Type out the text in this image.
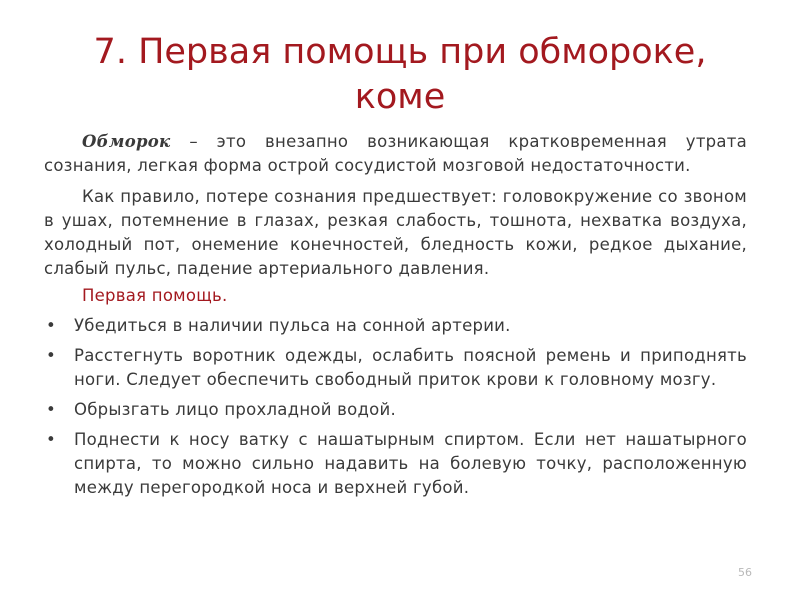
7. Первая помощь при обмороке,
коме

Обморок – это внезапно возникающая кратковременная утрата сознания, легкая форма острой сосудистой мозговой недостаточности.

Как правило, потере сознания предшествует: головокружение со звоном в ушах, потемнение в глазах, резкая слабость, тошнота, нехватка воздуха, холодный пот, онемение конечностей, бледность кожи, редкое дыхание, слабый пульс, падение артериального давления.

Первая помощь.
• Убедиться в наличии пульса на сонной артерии.
• Расстегнуть воротник одежды, ослабить поясной ремень и приподнять ноги. Следует обеспечить свободный приток крови к головному мозгу.
• Обрызгать лицо прохладной водой.
• Поднести к носу ватку с нашатырным спиртом. Если нет нашатырного спирта, то можно сильно надавить на болевую точку, расположенную между перегородкой носа и верхней губой.
56
